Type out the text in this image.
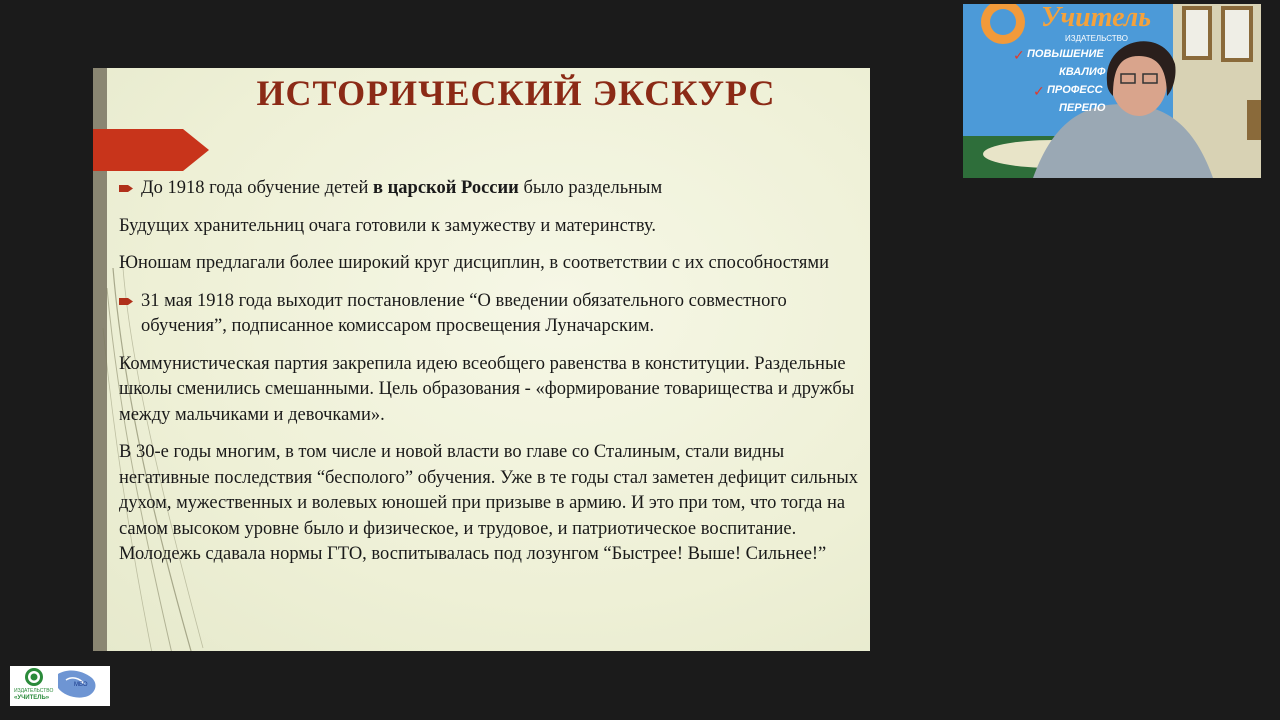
ИСТОРИЧЕСКИЙ ЭКСКУРС
До 1918 года обучение детей в царской России было раздельным

Будущих хранительниц очага готовили к замужеству и материнству.

Юношам предлагали более широкий круг дисциплин, в соответствии с их способностями

31 мая 1918 года выходит постановление “О введении обязательного совместного обучения”, подписанное комиссаром просвещения Луначарским.

Коммунистическая партия закрепила идею всеобщего равенства в конституции. Раздельные школы сменились смешанными. Цель образования - «формирование товарищества и дружбы между мальчиками и девочками».

В 30-е годы многим, в том числе и новой власти во главе со Сталиным, стали видны негативные последствия “бесполого” обучения. Уже в те годы стал заметен дефицит сильных духом, мужественных и волевых юношей при призыве в армию. И это при том, что тогда на самом высоком уровне было и физическое, и трудовое, и патриотическое воспитание. Молодежь сдавала нормы ГТО, воспитывалась под лозунгом “Быстрее! Выше! Сильнее!”

Учитель
ИЗДАТЕЛЬСТВО
ПОВЫШЕНИЕ
КВАЛИФ
ПРОФЕСС
ПЕРЕПО
✓
✓
ИЗДАТЕЛЬСТВО
«УЧИТЕЛЬ»
МБО
